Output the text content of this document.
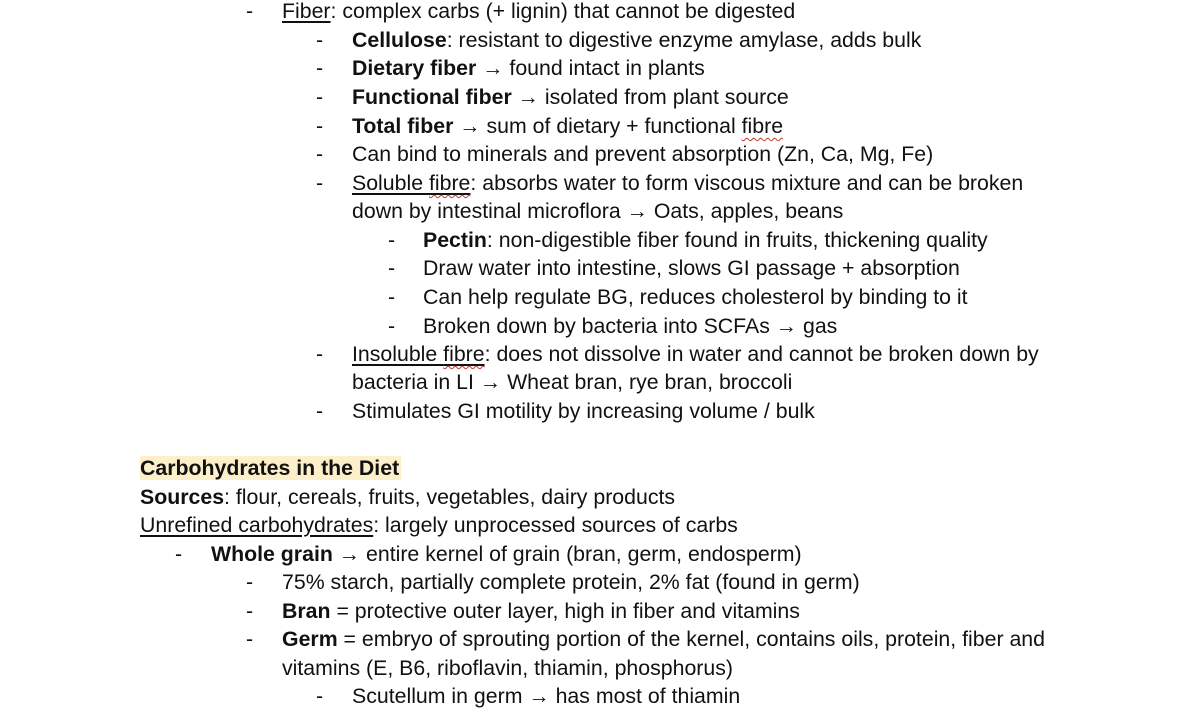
- Fiber: complex carbs (+ lignin) that cannot be digested
- Cellulose: resistant to digestive enzyme amylase, adds bulk
- Dietary fiber → found intact in plants
- Functional fiber → isolated from plant source
- Total fiber → sum of dietary + functional fibre
- Can bind to minerals and prevent absorption (Zn, Ca, Mg, Fe)
- Soluble fibre: absorbs water to form viscous mixture and can be broken
down by intestinal microflora → Oats, apples, beans
- Pectin: non-digestible fiber found in fruits, thickening quality
- Draw water into intestine, slows GI passage + absorption
- Can help regulate BG, reduces cholesterol by binding to it
- Broken down by bacteria into SCFAs → gas
- Insoluble fibre: does not dissolve in water and cannot be broken down by
bacteria in LI → Wheat bran, rye bran, broccoli
- Stimulates GI motility by increasing volume / bulk
Carbohydrates in the Diet
Sources: flour, cereals, fruits, vegetables, dairy products
Unrefined carbohydrates: largely unprocessed sources of carbs
- Whole grain → entire kernel of grain (bran, germ, endosperm)
- 75% starch, partially complete protein, 2% fat (found in germ)
- Bran = protective outer layer, high in fiber and vitamins
- Germ = embryo of sprouting portion of the kernel, contains oils, protein, fiber and
vitamins (E, B6, riboflavin, thiamin, phosphorus)
- Scutellum in germ → has most of thiamin
